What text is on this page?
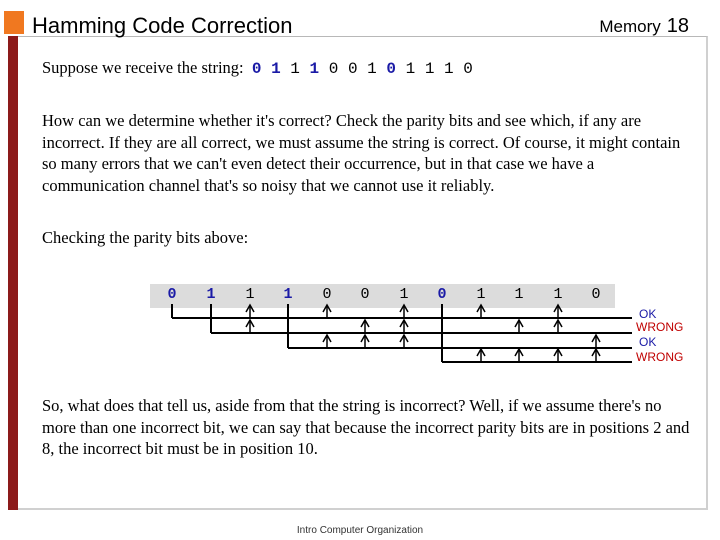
Hamming Code Correction	Memory 18
Suppose we receive the string: 0 1 1 1 0 0 1 0 1 1 1 0
How can we determine whether it's correct? Check the parity bits and see which, if any are incorrect. If they are all correct, we must assume the string is correct. Of course, it might contain so many errors that we can't even detect their occurrence, but in that case we have a communication channel that's so noisy that we cannot use it reliably.
Checking the parity bits above:
0	1	1	1	0	0	1	0	1	1	1	0
OK
WRONG
OK
WRONG
So, what does that tell us, aside from that the string is incorrect? Well, if we assume there's no more than one incorrect bit, we can say that because the incorrect parity bits are in positions 2 and 8, the incorrect bit must be in position 10.
Intro Computer Organization
